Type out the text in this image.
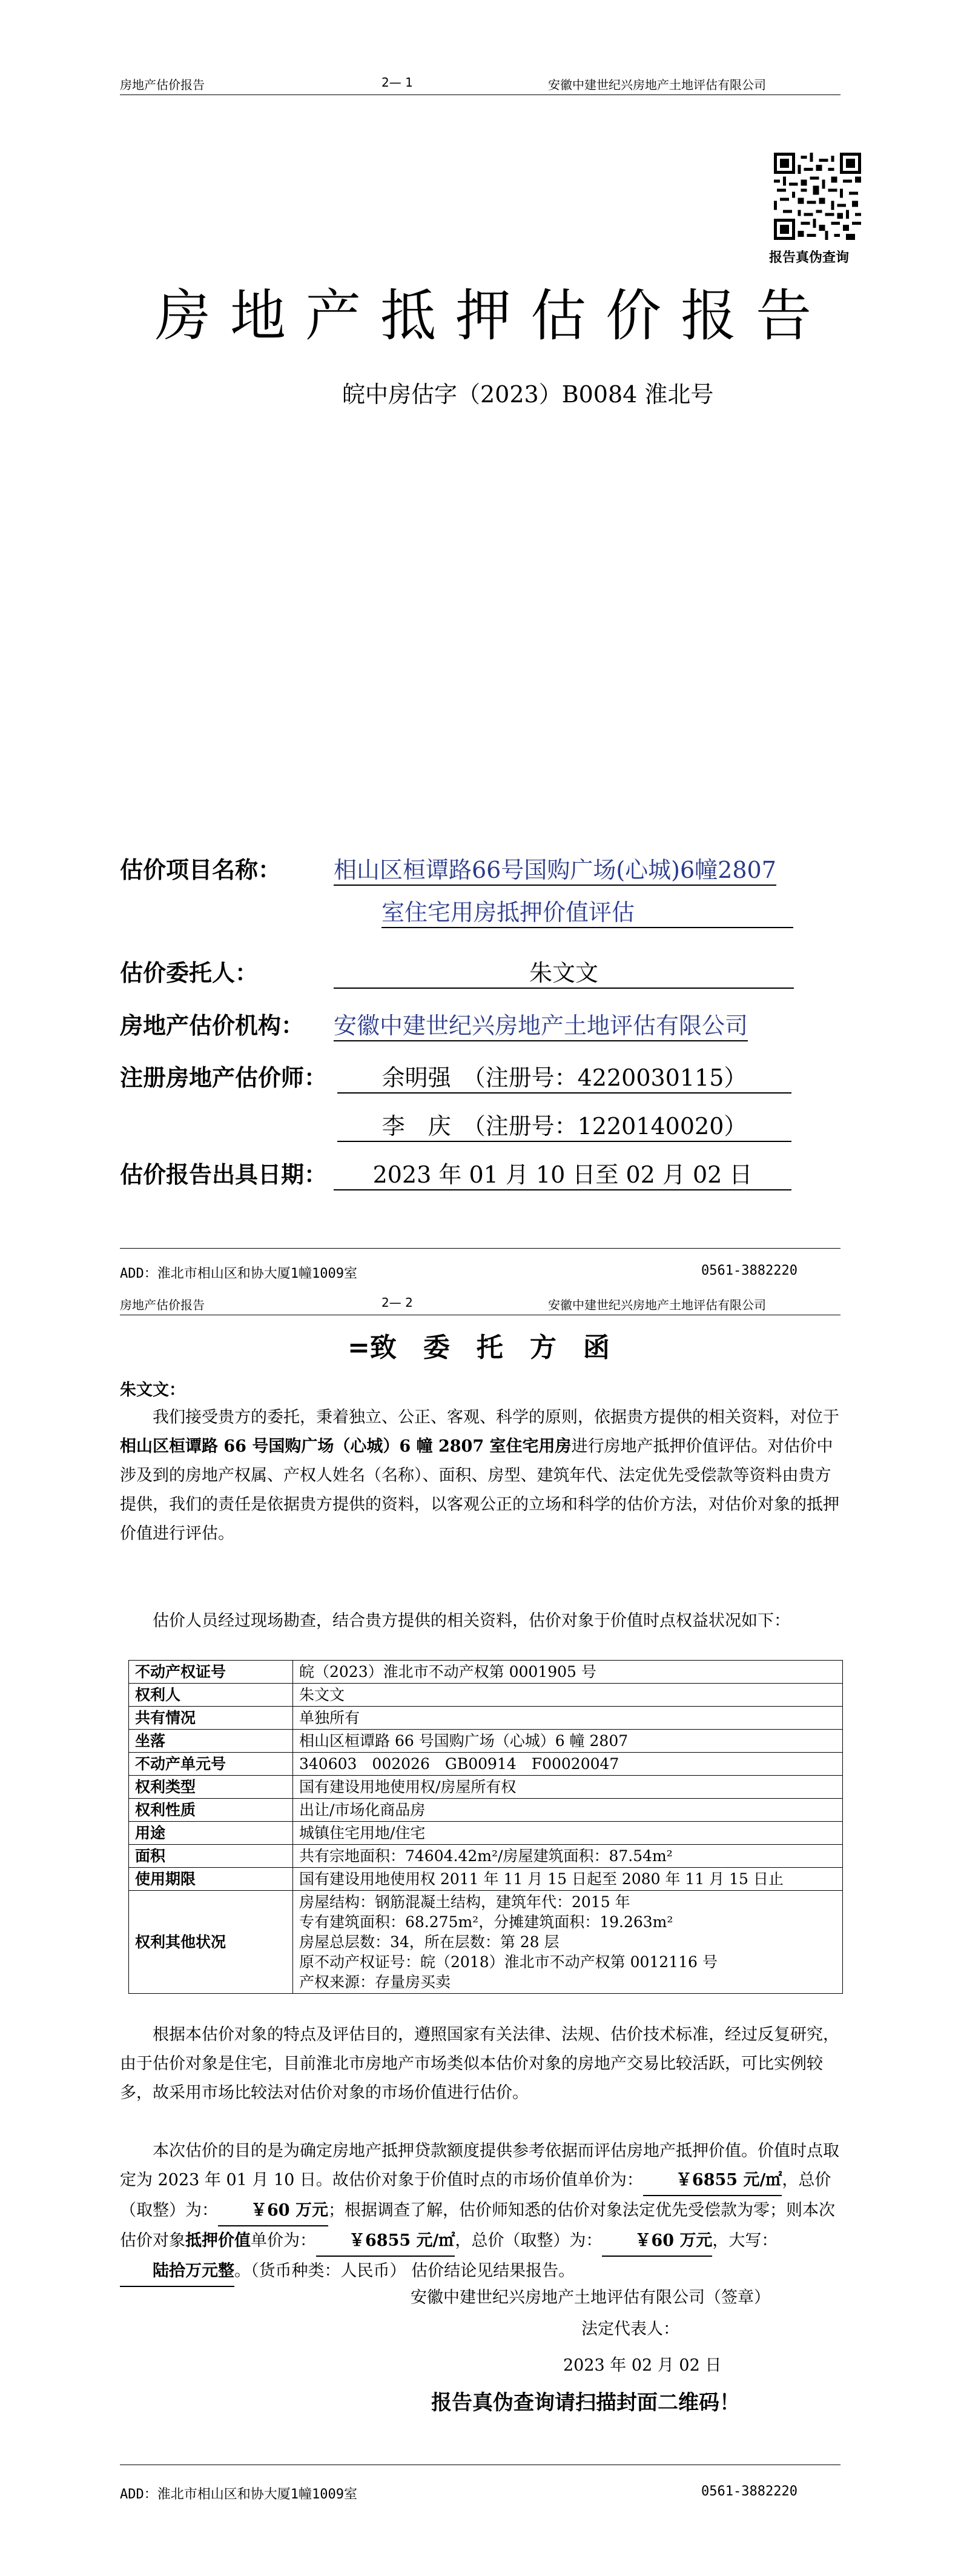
房地产估价报告	2— 1	安徽中建世纪兴房地产土地评估有限公司
报告真伪查询
房地产抵押估价报告
皖中房估字（2023）B0084 淮北号
估价项目名称： 相山区桓谭路66号国购广场(心城)6幢2807
室住宅用房抵押价值评估
估价委托人：	朱文文
房地产估价机构： 安徽中建世纪兴房地产土地评估有限公司
注册房地产估价师：	余明强　（注册号：4220030115）
李　庆　（注册号：1220140020）
估价报告出具日期：	2023 年 01 月 10 日至 02 月 02 日
ADD：淮北市相山区和协大厦1幢1009室	0561-3882220
房地产估价报告	2— 2	安徽中建世纪兴房地产土地评估有限公司
=致　委　托　方　函
朱文文：
我们接受贵方的委托，秉着独立、公正、客观、科学的原则，依据贵方提供的相关资料，对位于相山区桓谭路 66 号国购广场（心城）6 幢 2807 室住宅用房进行房地产抵押价值评估。对估价中涉及到的房地产权属、产权人姓名（名称）、面积、房型、建筑年代、法定优先受偿款等资料由贵方提供，我们的责任是依据贵方提供的资料，以客观公正的立场和科学的估价方法，对估价对象的抵押价值进行评估。
估价人员经过现场勘查，结合贵方提供的相关资料，估价对象于价值时点权益状况如下：
不动产权证号	皖（2023）淮北市不动产权第 0001905 号
权利人	朱文文
共有情况	单独所有
坐落	相山区桓谭路 66 号国购广场（心城）6 幢 2807
不动产单元号	340603　002026　GB00914　F00020047
权利类型	国有建设用地使用权/房屋所有权
权利性质	出让/市场化商品房
用途	城镇住宅用地/住宅
面积	共有宗地面积：74604.42m²/房屋建筑面积：87.54m²
使用期限	国有建设用地使用权 2011 年 11 月 15 日起至 2080 年 11 月 15 日止
权利其他状况	房屋结构：钢筋混凝土结构，建筑年代：2015 年
专有建筑面积：68.275m²，分摊建筑面积：19.263m²
房屋总层数：34，所在层数：第 28 层
原不动产权证号：皖（2018）淮北市不动产权第 0012116 号
产权来源：存量房买卖
根据本估价对象的特点及评估目的，遵照国家有关法律、法规、估价技术标准，经过反复研究，由于估价对象是住宅，目前淮北市房地产市场类似本估价对象的房地产交易比较活跃，可比实例较多，故采用市场比较法对估价对象的市场价值进行估价。
本次估价的目的是为确定房地产抵押贷款额度提供参考依据而评估房地产抵押价值。价值时点取定为 2023 年 01 月 10 日。故估价对象于价值时点的市场价值单价为： ￥6855 元/㎡，总价（取整）为： ￥60 万元；根据调查了解，估价师知悉的估价对象法定优先受偿款为零；则本次估价对象抵押价值单价为： ￥6855 元/㎡，总价（取整）为： ￥60 万元，大写：陆拾万元整。（货币种类：人民币） 估价结论见结果报告。
安徽中建世纪兴房地产土地评估有限公司（签章）
法定代表人：
2023 年 02 月 02 日
报告真伪查询请扫描封面二维码！
ADD：淮北市相山区和协大厦1幢1009室	0561-3882220
